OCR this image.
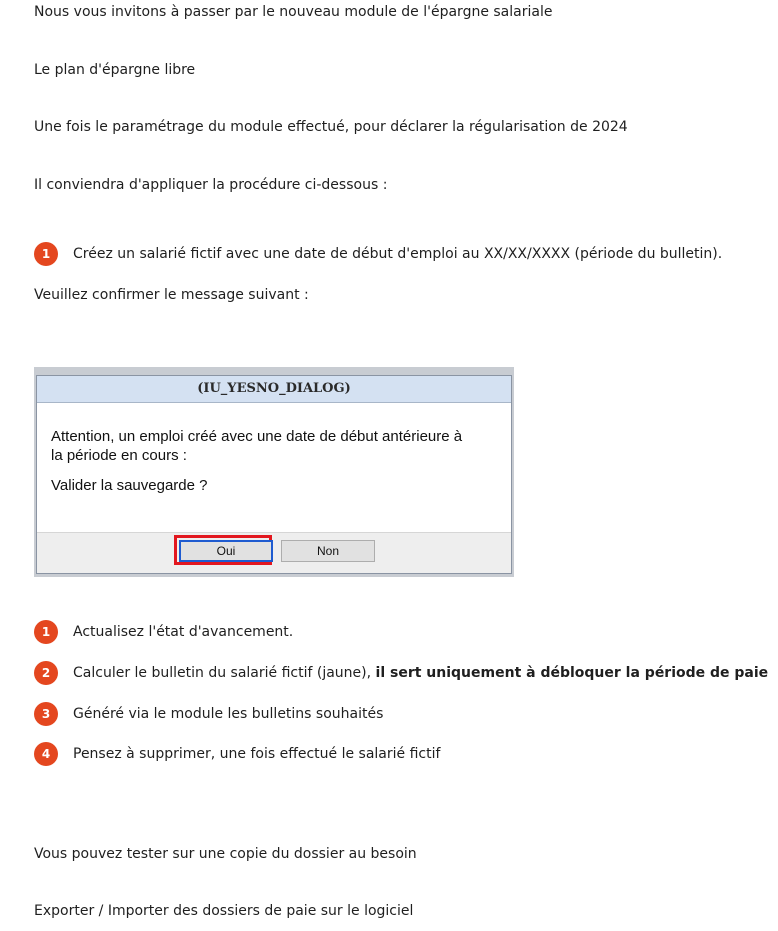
Nous vous invitons à passer par le nouveau module de l'épargne salariale

Le plan d'épargne libre

Une fois le paramétrage du module effectué, pour déclarer la régularisation de 2024

Il conviendra d'appliquer la procédure ci-dessous :

1	Créez un salarié fictif avec une date de début d'emploi au XX/XX/XXXX (période du bulletin).

Veuillez confirmer le message suivant :

(IU_YESNO_DIALOG)
Attention, un emploi créé avec une date de début antérieure à
la période en cours :
Valider la sauvegarde ?
Oui	Non
1	Actualisez l'état d'avancement.
2	Calculer le bulletin du salarié fictif (jaune), il sert uniquement à débloquer la période de paie
3	Généré via le module les bulletins souhaités
4	Pensez à supprimer, une fois effectué le salarié fictif

Vous pouvez tester sur une copie du dossier au besoin

Exporter / Importer des dossiers de paie sur le logiciel
